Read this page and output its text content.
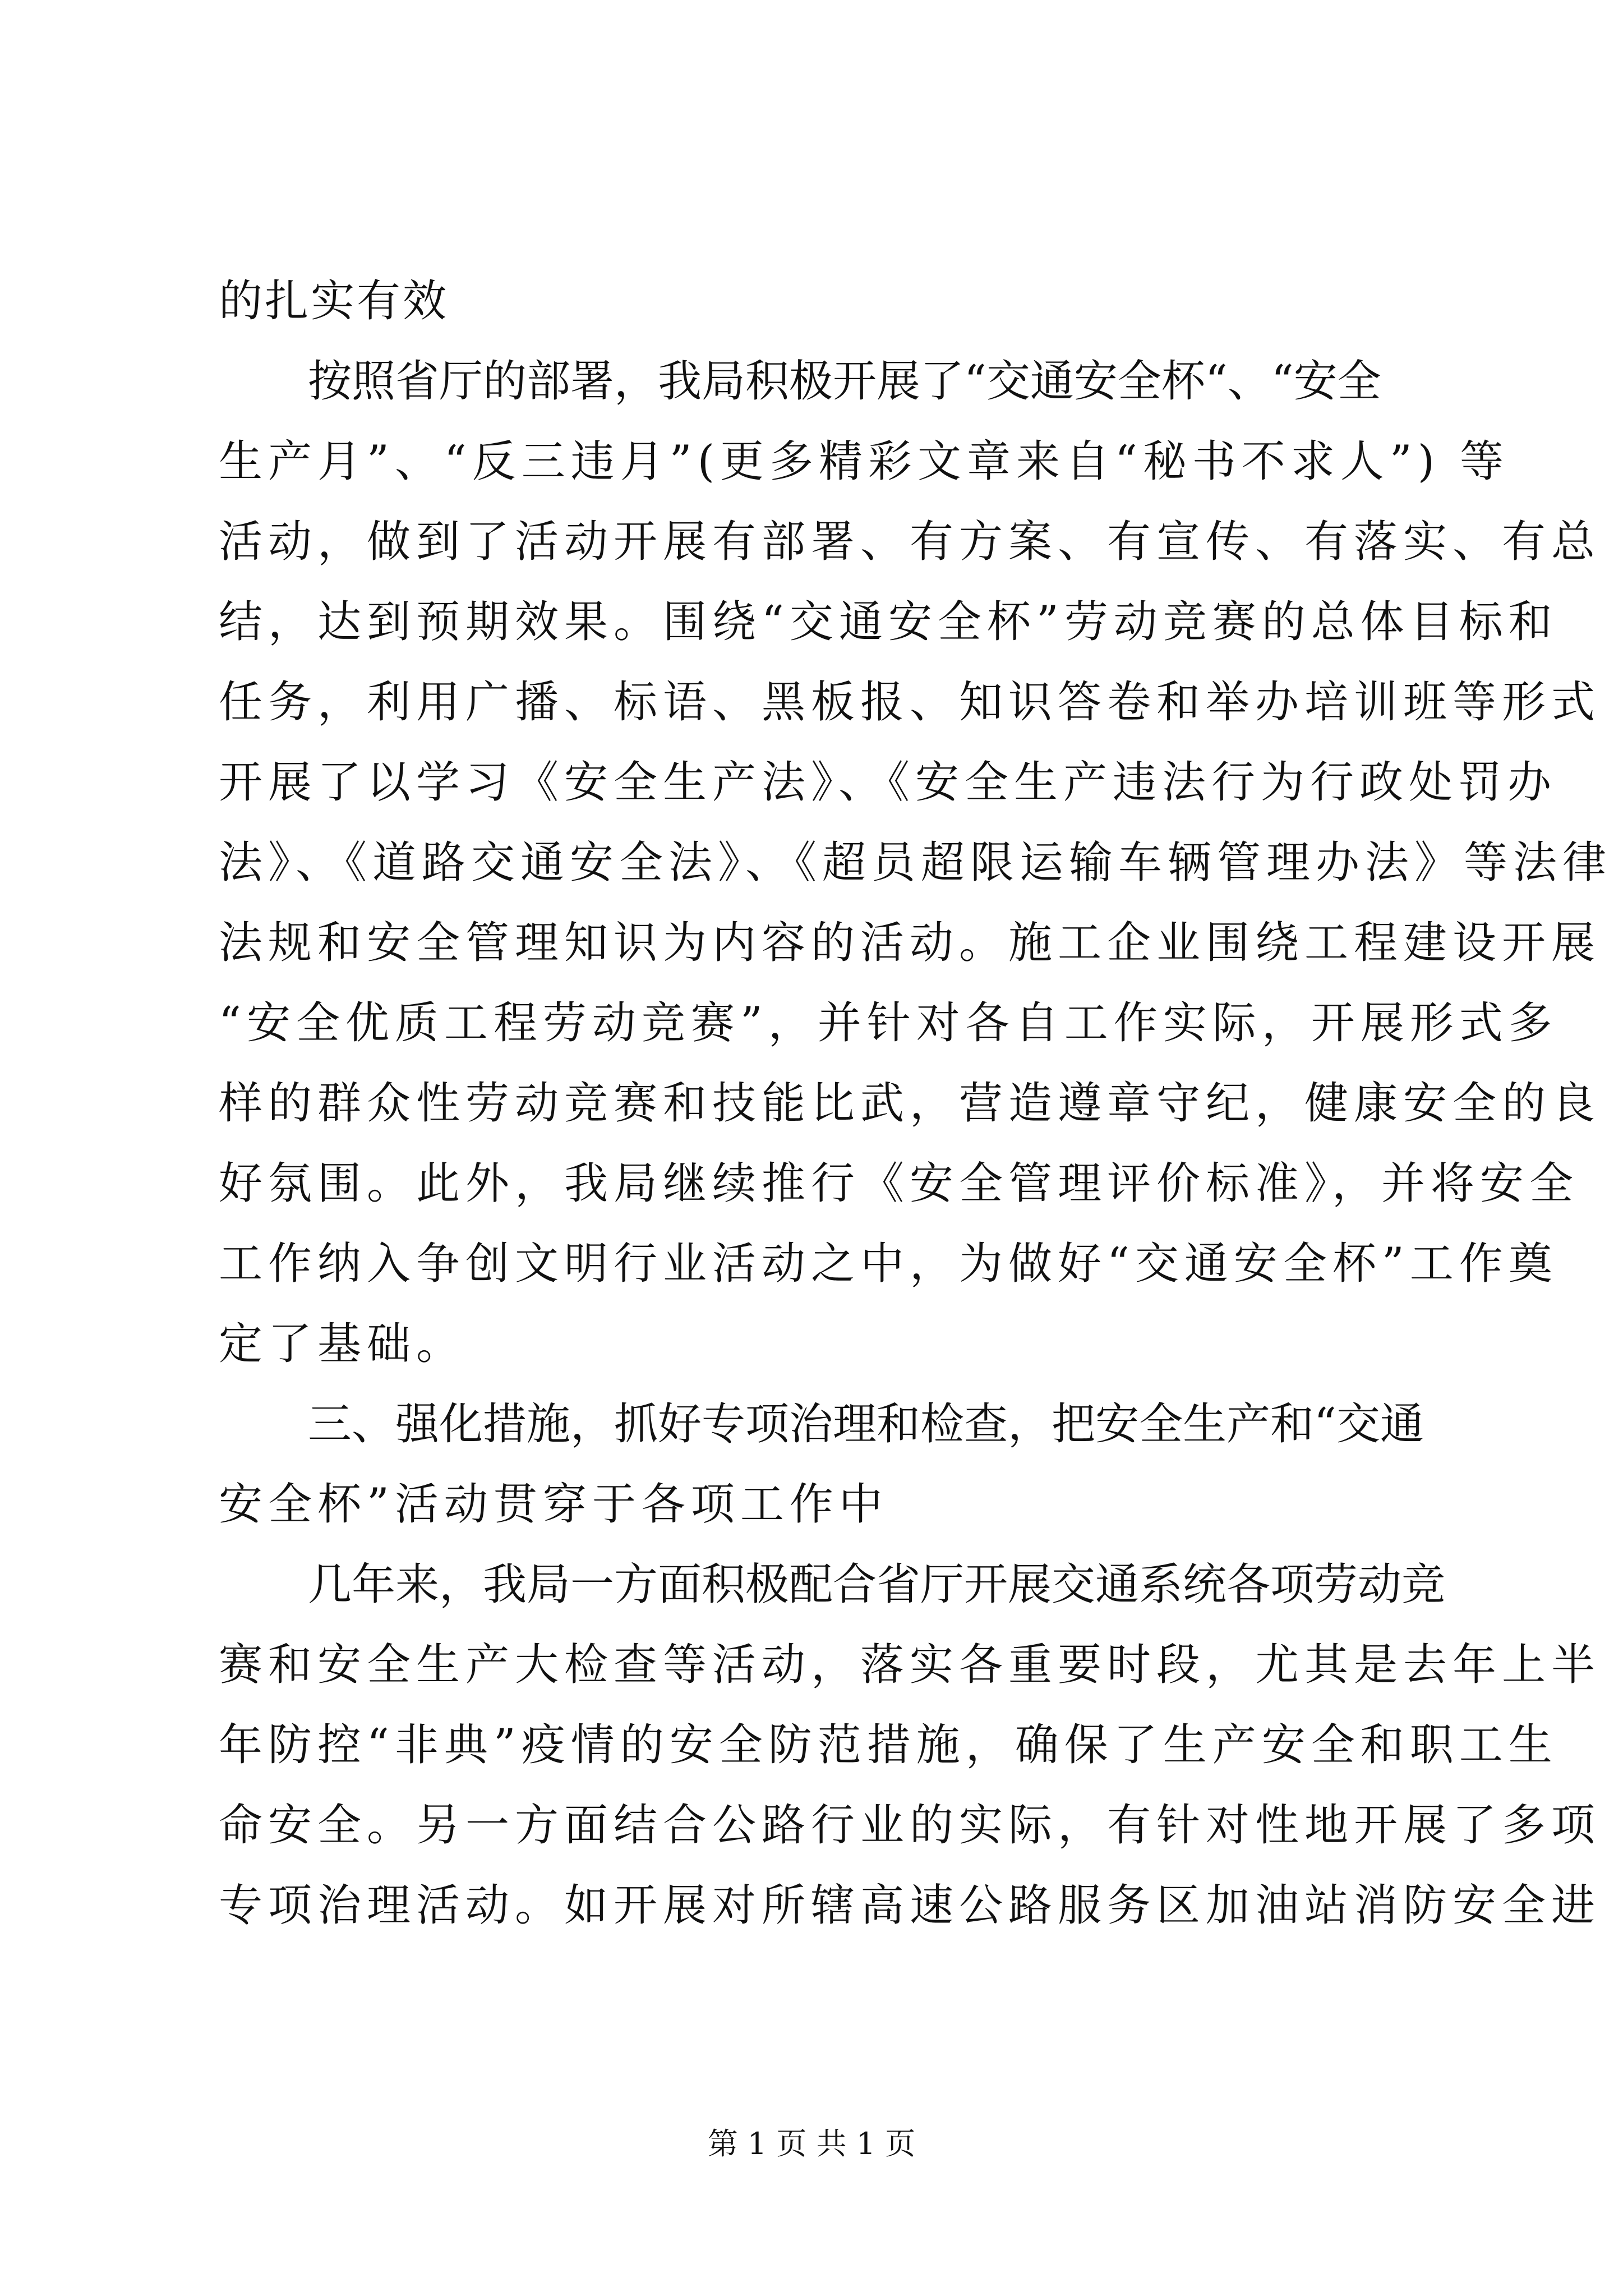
的扎实有效
按照省厅的部署，我局积极开展了“交通安全杯“、“安全
生产月”、“反三违月”(更多精彩文章来自“秘书不求人”) 等
活动，做到了活动开展有部署、有方案、有宣传、有落实、有总
结，达到预期效果。围绕“交通安全杯”劳动竞赛的总体目标和
任务，利用广播、标语、黑板报、知识答卷和举办培训班等形式
开展了以学习《安全生产法》、《安全生产违法行为行政处罚办
法》、《道路交通安全法》、《超员超限运输车辆管理办法》等法律
法规和安全管理知识为内容的活动。施工企业围绕工程建设开展
“安全优质工程劳动竞赛”，并针对各自工作实际，开展形式多
样的群众性劳动竞赛和技能比武，营造遵章守纪，健康安全的良
好氛围。此外，我局继续推行《安全管理评价标准》，并将安全
工作纳入争创文明行业活动之中，为做好“交通安全杯”工作奠
定了基础。
三、强化措施，抓好专项治理和检查，把安全生产和“交通
安全杯”活动贯穿于各项工作中
几年来，我局一方面积极配合省厅开展交通系统各项劳动竞
赛和安全生产大检查等活动，落实各重要时段，尤其是去年上半
年防控“非典”疫情的安全防范措施，确保了生产安全和职工生
命安全。另一方面结合公路行业的实际，有针对性地开展了多项
专项治理活动。如开展对所辖高速公路服务区加油站消防安全进
第 1 页 共 1 页
